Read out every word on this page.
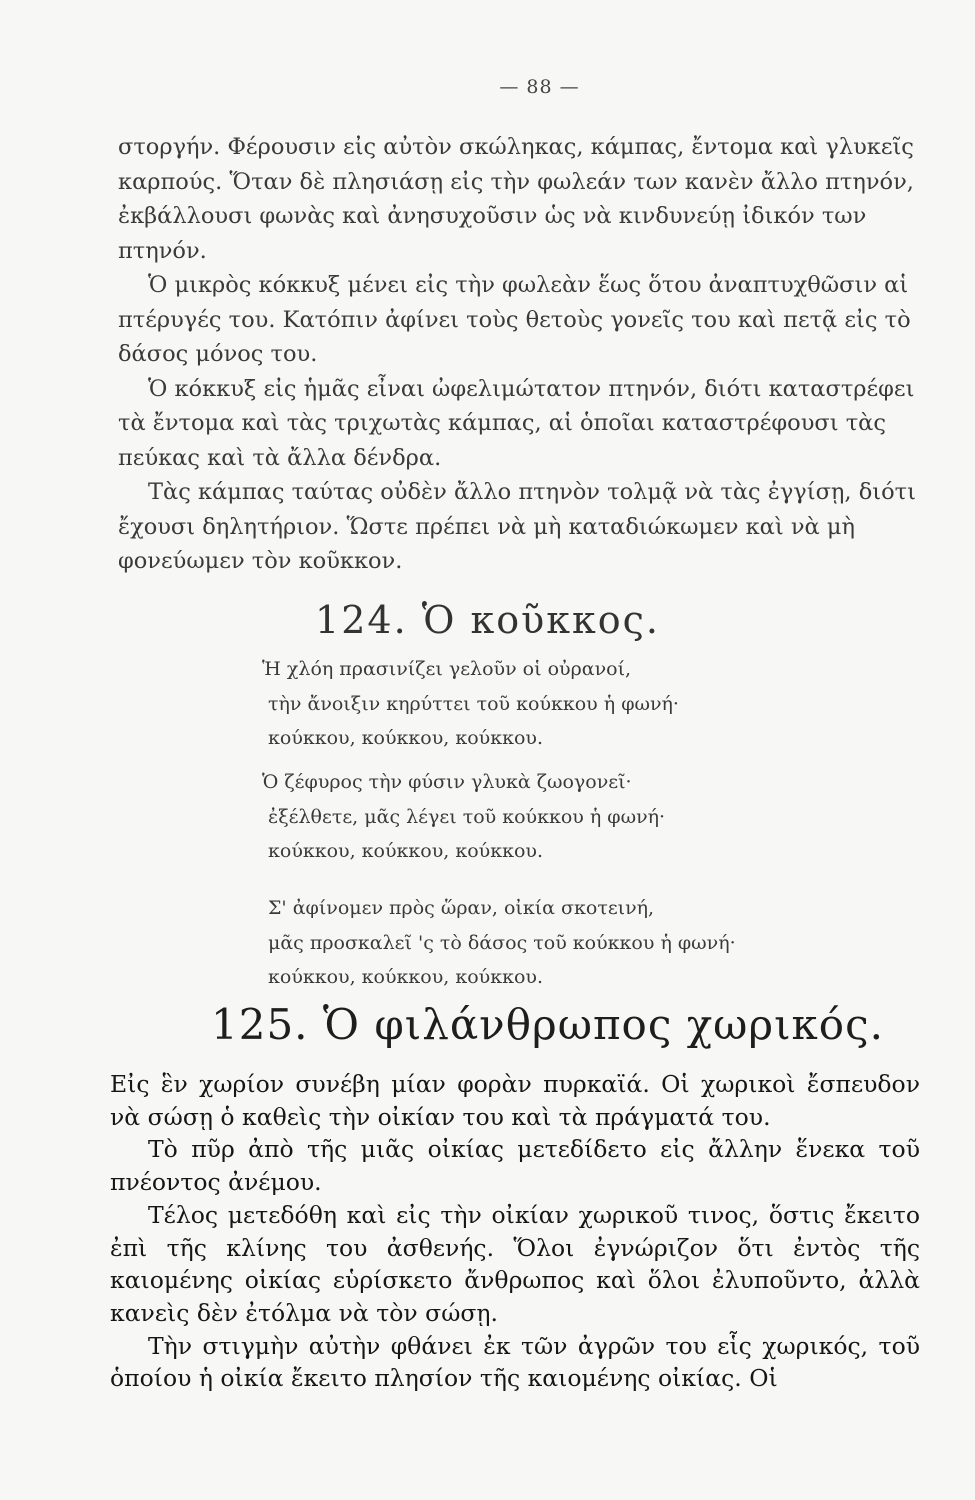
— 88 —

στοργήν. Φέρουσιν εἰς αὐτὸν σκώληκας, κάμπας, ἔντομα καὶ γλυκεῖς καρπούς. Ὅταν δὲ πλησιάσῃ εἰς τὴν φωλεάν των κανὲν ἄλλο πτηνόν, ἐκβάλλουσι φωνὰς καὶ ἀνησυχοῦσιν ὡς νὰ κινδυνεύῃ ἰδικόν των πτηνόν.

Ὁ μικρὸς κόκκυξ μένει εἰς τὴν φωλεὰν ἕως ὅτου ἀναπτυχθῶσιν αἱ πτέρυγές του. Κατόπιν ἀφίνει τοὺς θετοὺς γονεῖς του καὶ πετᾷ εἰς τὸ δάσος μόνος του.

Ὁ κόκκυξ εἰς ἡμᾶς εἶναι ὠφελιμώτατον πτηνόν, διότι καταστρέφει τὰ ἔντομα καὶ τὰς τριχωτὰς κάμπας, αἱ ὁποῖαι καταστρέφουσι τὰς πεύκας καὶ τὰ ἄλλα δένδρα.

Τὰς κάμπας ταύτας οὐδὲν ἄλλο πτηνὸν τολμᾷ νὰ τὰς ἐγγίσῃ, διότι ἔχουσι δηλητήριον. Ὥστε πρέπει νὰ μὴ καταδιώκωμεν καὶ νὰ μὴ φονεύωμεν τὸν κοῦκκον.

124. Ὁ κοῦκκος.
Ἡ χλόη πρασινίζει γελοῦν οἱ οὐρανοί,
τὴν ἄνοιξιν κηρύττει τοῦ κούκκου ἡ φωνή·
κούκκου, κούκκου, κούκκου.
Ὁ ζέφυρος τὴν φύσιν γλυκὰ ζωογονεῖ·
ἐξέλθετε, μᾶς λέγει τοῦ κούκκου ἡ φωνή·
κούκκου, κούκκου, κούκκου.
Σ' ἀφίνομεν πρὸς ὥραν, οἰκία σκοτεινή,
μᾶς προσκαλεῖ 'ς τὸ δάσος τοῦ κούκκου ἡ φωνή·
κούκκου, κούκκου, κούκκου.
125. Ὁ φιλάνθρωπος χωρικός.

Εἰς ἓν χωρίον συνέβη μίαν φορὰν πυρκαϊά. Οἱ χωρικοὶ ἔσπευδον νὰ σώσῃ ὁ καθεὶς τὴν οἰκίαν του καὶ τὰ πράγματά του.

Τὸ πῦρ ἀπὸ τῆς μιᾶς οἰκίας μετεδίδετο εἰς ἄλλην ἕνεκα τοῦ πνέοντος ἀνέμου.

Τέλος μετεδόθη καὶ εἰς τὴν οἰκίαν χωρικοῦ τινος, ὅστις ἔκειτο ἐπὶ τῆς κλίνης του ἀσθενής. Ὅλοι ἐγνώριζον ὅτι ἐντὸς τῆς καιομένης οἰκίας εὑρίσκετο ἄνθρωπος καὶ ὅλοι ἐλυποῦντο, ἀλλὰ κανεὶς δὲν ἐτόλμα νὰ τὸν σώσῃ.

Τὴν στιγμὴν αὐτὴν φθάνει ἐκ τῶν ἀγρῶν του εἷς χωρικός, τοῦ ὁποίου ἡ οἰκία ἔκειτο πλησίον τῆς καιομένης οἰκίας. Οἱ
